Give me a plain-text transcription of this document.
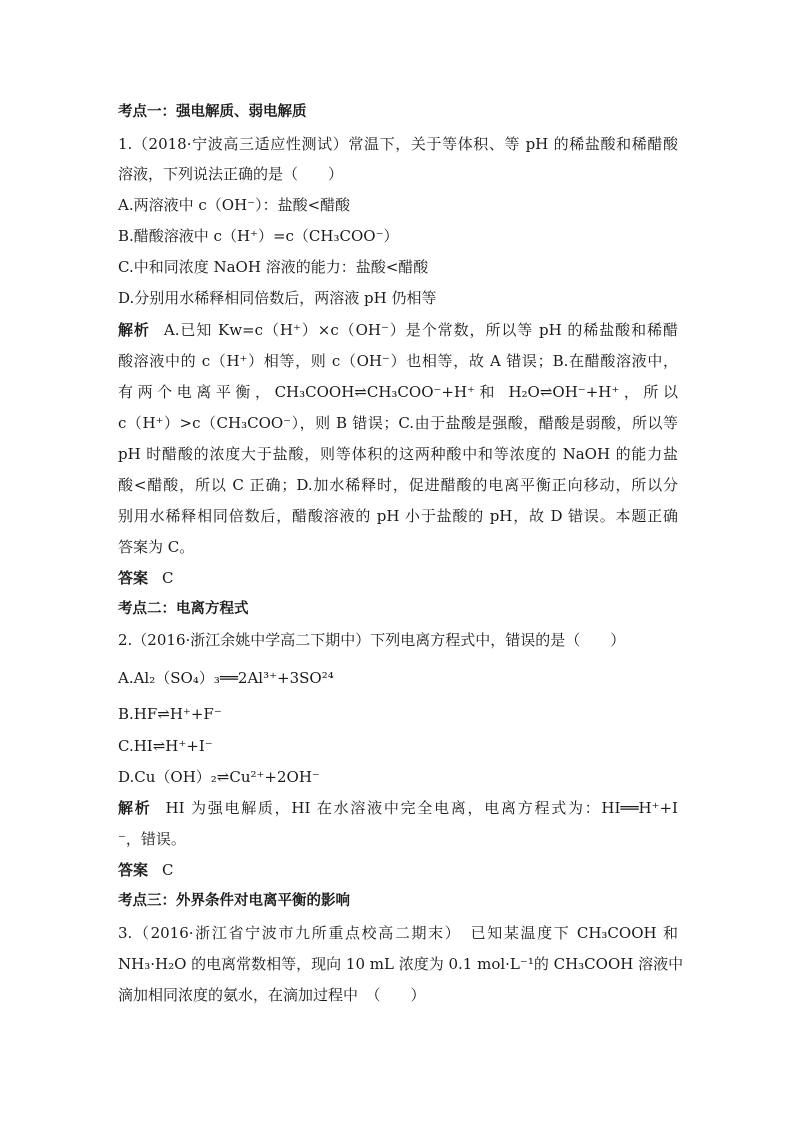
考点一：强电解质、弱电解质
1.（2018·宁波高三适应性测试）常温下，关于等体积、等 pH 的稀盐酸和稀醋酸
溶液，下列说法正确的是（　　）
A.两溶液中 c（OH⁻）：盐酸<醋酸
B.醋酸溶液中 c（H⁺）=c（CH₃COO⁻）
C.中和同浓度 NaOH 溶液的能力：盐酸<醋酸
D.分别用水稀释相同倍数后，两溶液 pH 仍相等
解析 A.已知 Kw=c（H⁺）×c（OH⁻）是个常数，所以等 pH 的稀盐酸和稀醋
酸溶液中的 c（H⁺）相等，则 c（OH⁻）也相等，故 A 错误；B.在醋酸溶液中，
有两个电离平衡，CH₃COOH⇌CH₃COO⁻+H⁺和 H₂O⇌OH⁻+H⁺，所以
c（H⁺）>c（CH₃COO⁻），则 B 错误；C.由于盐酸是强酸，醋酸是弱酸，所以等
pH 时醋酸的浓度大于盐酸，则等体积的这两种酸中和等浓度的 NaOH 的能力盐
酸<醋酸，所以 C 正确；D.加水稀释时，促进醋酸的电离平衡正向移动，所以分
别用水稀释相同倍数后，醋酸溶液的 pH 小于盐酸的 pH，故 D 错误。本题正确
答案为 C。
答案 C
考点二：电离方程式
2.（2016·浙江余姚中学高二下期中）下列电离方程式中，错误的是（　　）
A.Al₂（SO₄）₃══2Al³⁺+3SO²⁴
B.HF⇌H⁺+F⁻
C.HI⇌H⁺+I⁻
D.Cu（OH）₂⇌Cu²⁺+2OH⁻
解析 HI 为强电解质，HI 在水溶液中完全电离，电离方程式为：HI══H⁺+I
⁻，错误。
答案 C
考点三：外界条件对电离平衡的影响
3.（2016·浙江省宁波市九所重点校高二期末）　已知某温度下 CH₃COOH 和
NH₃·H₂O 的电离常数相等，现向 10 mL 浓度为 0.1 mol·L⁻¹的 CH₃COOH 溶液中
滴加相同浓度的氨水，在滴加过程中　（　　）
